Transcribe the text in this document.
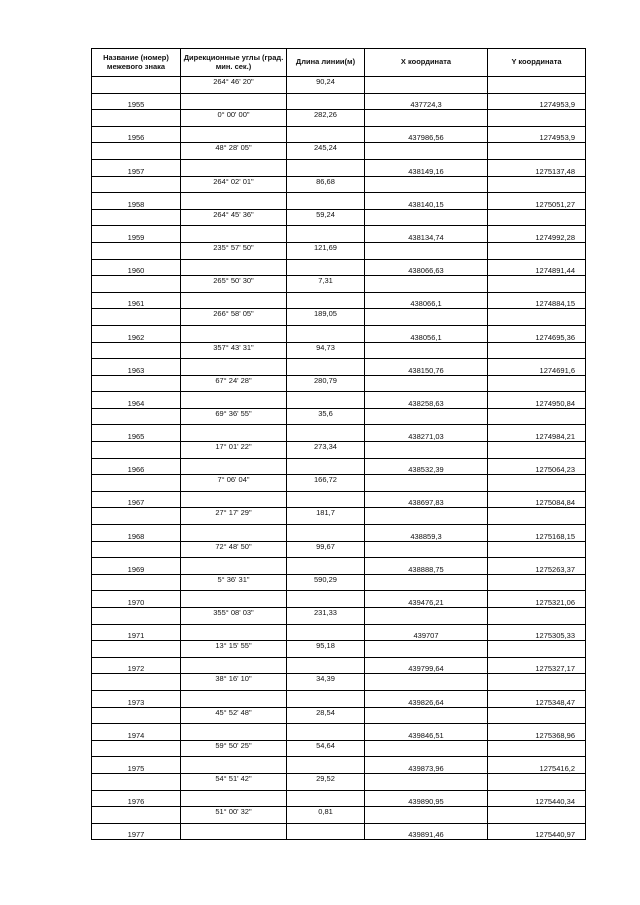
Название (номер) межевого знака	Дирекционные углы (град. мин. сек.)	Длина линии(м)	X координата	Y координата
	264° 46' 20"	90,24		
1955			437724,3	1274953,9
	0° 00' 00"	282,26		
1956			437986,56	1274953,9
	48° 28' 05"	245,24		
1957			438149,16	1275137,48
	264° 02' 01"	86,68		
1958			438140,15	1275051,27
	264° 45' 36"	59,24		
1959			438134,74	1274992,28
	235° 57' 50"	121,69		
1960			438066,63	1274891,44
	265° 50' 30"	7,31		
1961			438066,1	1274884,15
	266° 58' 05"	189,05		
1962			438056,1	1274695,36
	357° 43' 31"	94,73		
1963			438150,76	1274691,6
	67° 24' 28"	280,79		
1964			438258,63	1274950,84
	69° 36' 55"	35,6		
1965			438271,03	1274984,21
	17° 01' 22"	273,34		
1966			438532,39	1275064,23
	7° 06' 04"	166,72		
1967			438697,83	1275084,84
	27° 17' 29"	181,7		
1968			438859,3	1275168,15
	72° 48' 50"	99,67		
1969			438888,75	1275263,37
	5° 36' 31"	590,29		
1970			439476,21	1275321,06
	355° 08' 03"	231,33		
1971			439707	1275305,33
	13° 15' 55"	95,18		
1972			439799,64	1275327,17
	38° 16' 10"	34,39		
1973			439826,64	1275348,47
	45° 52' 48"	28,54		
1974			439846,51	1275368,96
	59° 50' 25"	54,64		
1975			439873,96	1275416,2
	54° 51' 42"	29,52		
1976			439890,95	1275440,34
	51° 00' 32"	0,81		
1977			439891,46	1275440,97
